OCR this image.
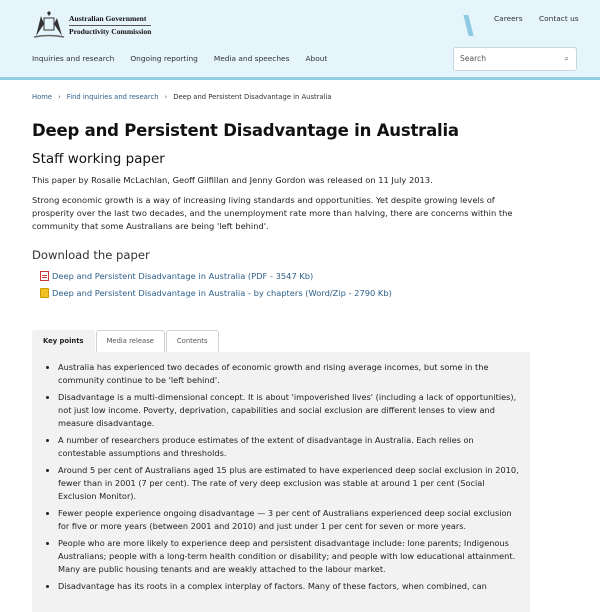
Australian Government
Productivity Commission
Careers Contact us
Inquiries and research Ongoing reporting Media and speeches About	Search	⌕
Home › Find inquiries and research › Deep and Persistent Disadvantage in Australia
Deep and Persistent Disadvantage in Australia
Staff working paper
This paper by Rosalie McLachlan, Geoff Gilfillan and Jenny Gordon was released on 11 July 2013.
Strong economic growth is a way of increasing living standards and opportunities. Yet despite growing levels of prosperity over the last two decades, and the unemployment rate more than halving, there are concerns within the community that some Australians are being 'left behind'.
Download the paper
Deep and Persistent Disadvantage in Australia (PDF - 3547 Kb)
Deep and Persistent Disadvantage in Australia - by chapters (Word/Zip - 2790 Kb)
Key points	Media release	Contents
• Australia has experienced two decades of economic growth and rising average incomes, but some in the community continue to be 'left behind'.
• Disadvantage is a multi-dimensional concept. It is about 'impoverished lives' (including a lack of opportunities), not just low income. Poverty, deprivation, capabilities and social exclusion are different lenses to view and measure disadvantage.
• A number of researchers produce estimates of the extent of disadvantage in Australia. Each relies on contestable assumptions and thresholds.
• Around 5 per cent of Australians aged 15 plus are estimated to have experienced deep social exclusion in 2010, fewer than in 2001 (7 per cent). The rate of very deep exclusion was stable at around 1 per cent (Social Exclusion Monitor).
• Fewer people experience ongoing disadvantage — 3 per cent of Australians experienced deep social exclusion for five or more years (between 2001 and 2010) and just under 1 per cent for seven or more years.
• People who are more likely to experience deep and persistent disadvantage include: lone parents; Indigenous Australians; people with a long-term health condition or disability; and people with low educational attainment. Many are public housing tenants and are weakly attached to the labour market.
• Disadvantage has its roots in a complex interplay of factors. Many of these factors, when combined, can
